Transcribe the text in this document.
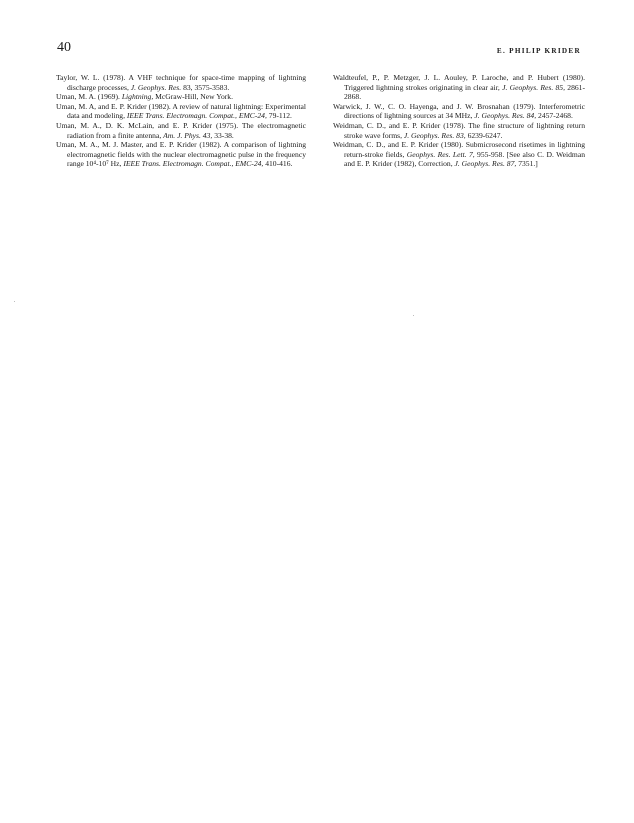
40	E. PHILIP KRIDER

Taylor, W. L. (1978). A VHF technique for space-time mapping of lightning discharge processes, J. Geophys. Res. 83, 3575-3583.

Uman, M. A. (1969). Lightning, McGraw-Hill, New York.

Uman, M. A, and E. P. Krider (1982). A review of natural lightning: Experimental data and modeling, IEEE Trans. Electromagn. Compat., EMC-24, 79-112.

Uman, M. A., D. K. McLain, and E. P. Krider (1975). The electromagnetic radiation from a finite antenna, Am. J. Phys. 43, 33-38.

Uman, M. A., M. J. Master, and E. P. Krider (1982). A comparison of lightning electromagnetic fields with the nuclear electromagnetic pulse in the frequency range 10⁴-10⁷ Hz, IEEE Trans. Electromagn. Compat., EMC-24, 410-416.

Waldteufel, P., P. Metzger, J. L. Aouley, P. Laroche, and P. Hubert (1980). Triggered lightning strokes originating in clear air, J. Geophys. Res. 85, 2861-2868.

Warwick, J. W., C. O. Hayenga, and J. W. Brosnahan (1979). Interferometric directions of lightning sources at 34 MHz, J. Geophys. Res. 84, 2457-2468.

Weidman, C. D., and E. P. Krider (1978). The fine structure of lightning return stroke wave forms, J. Geophys. Res. 83, 6239-6247.

Weidman, C. D., and E. P. Krider (1980). Submicrosecond risetimes in lightning return-stroke fields, Geophys. Res. Lett. 7, 955-958. [See also C. D. Weidman and E. P. Krider (1982), Correction, J. Geophys. Res. 87, 7351.]
